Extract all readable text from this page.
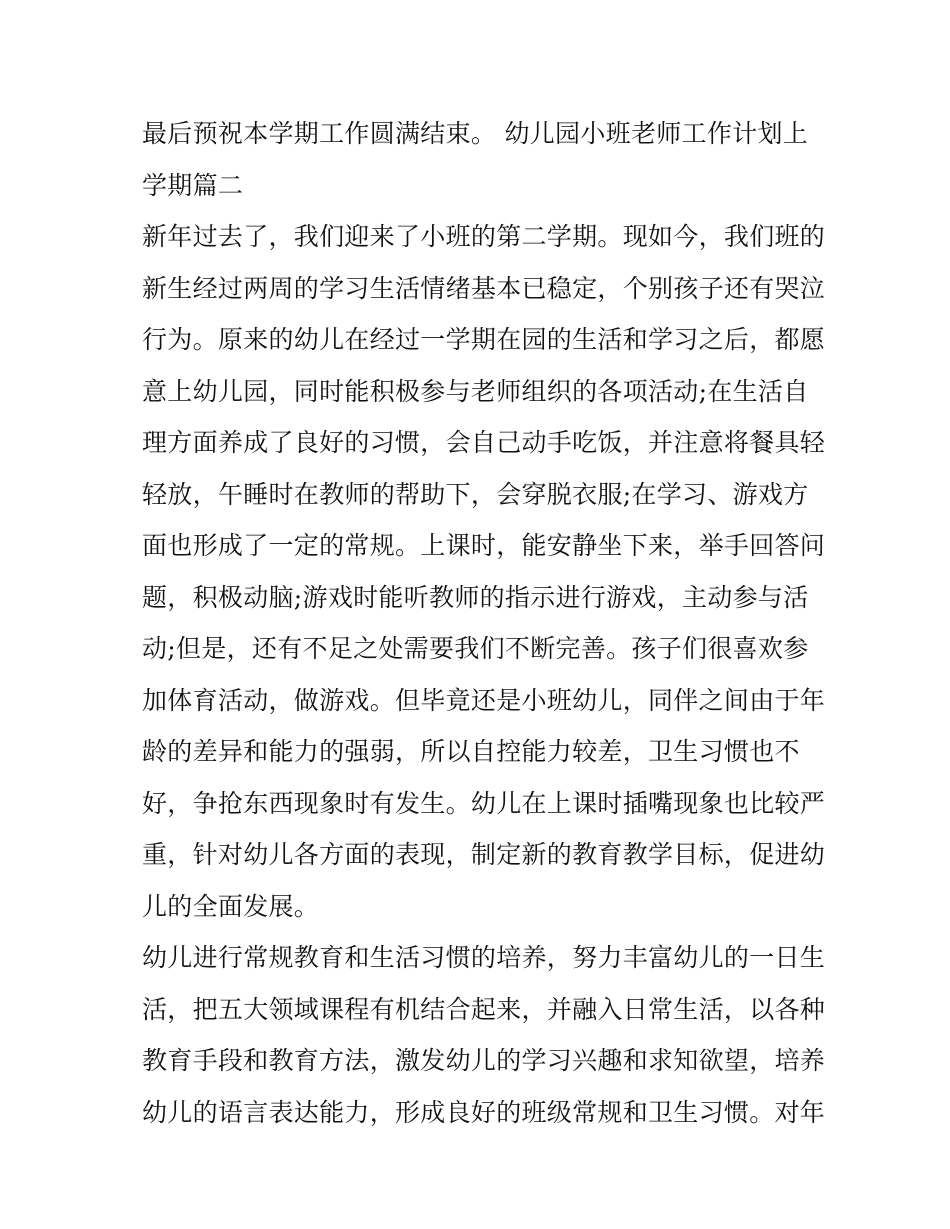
最后预祝本学期工作圆满结束。 幼儿园小班老师工作计划上
学期篇二
新年过去了，我们迎来了小班的第二学期。现如今，我们班的
新生经过两周的学习生活情绪基本已稳定，个别孩子还有哭泣
行为。原来的幼儿在经过一学期在园的生活和学习之后，都愿
意上幼儿园，同时能积极参与老师组织的各项活动;在生活自
理方面养成了良好的习惯，会自己动手吃饭，并注意将餐具轻
轻放，午睡时在教师的帮助下，会穿脱衣服;在学习、游戏方
面也形成了一定的常规。上课时，能安静坐下来，举手回答问
题，积极动脑;游戏时能听教师的指示进行游戏，主动参与活
动;但是，还有不足之处需要我们不断完善。孩子们很喜欢参
加体育活动，做游戏。但毕竟还是小班幼儿，同伴之间由于年
龄的差异和能力的强弱，所以自控能力较差，卫生习惯也不
好，争抢东西现象时有发生。幼儿在上课时插嘴现象也比较严
重，针对幼儿各方面的表现，制定新的教育教学目标，促进幼
儿的全面发展。
幼儿进行常规教育和生活习惯的培养，努力丰富幼儿的一日生
活，把五大领域课程有机结合起来，并融入日常生活，以各种
教育手段和教育方法，激发幼儿的学习兴趣和求知欲望，培养
幼儿的语言表达能力，形成良好的班级常规和卫生习惯。对年
